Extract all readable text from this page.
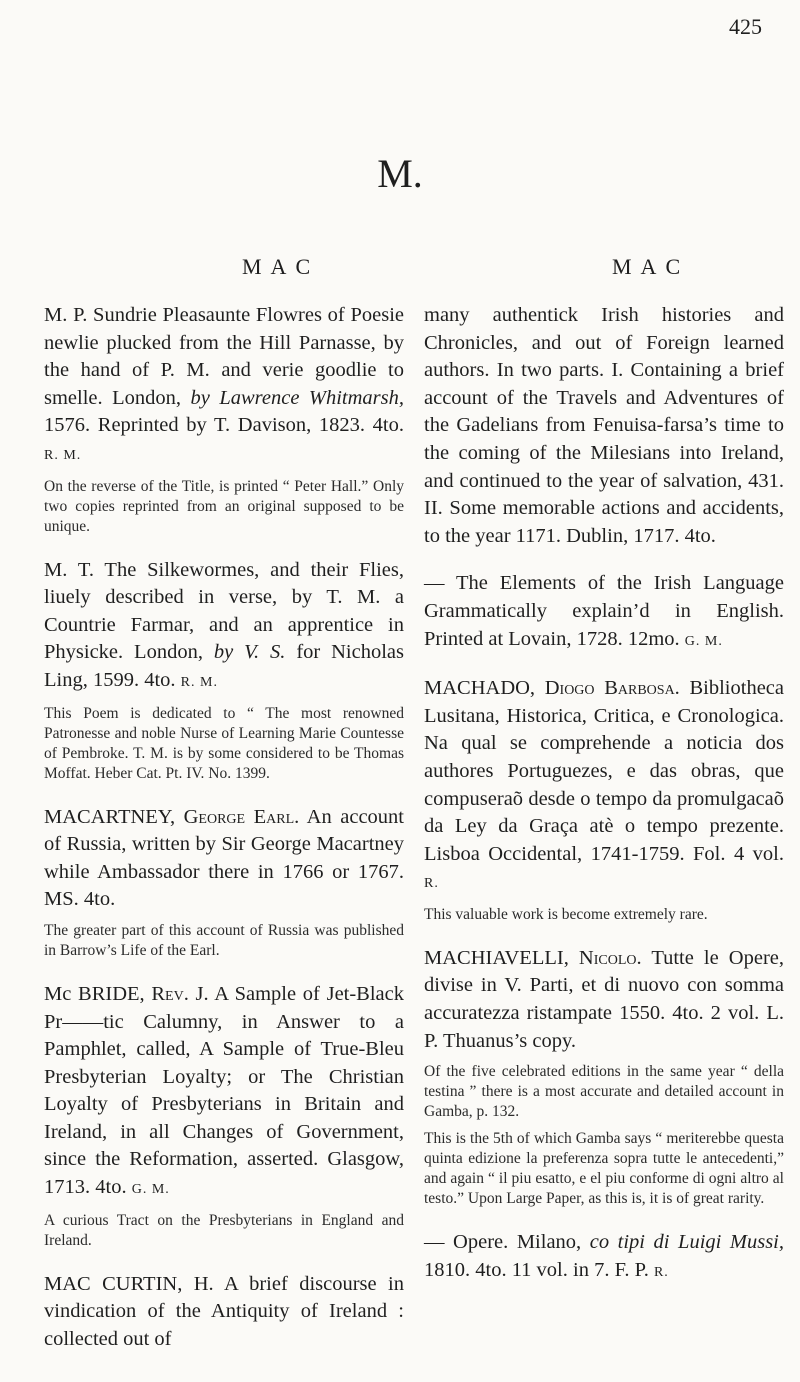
425
M.
MAC	MAC

M. P. Sundrie Pleasaunte Flowres of Poesie newlie plucked from the Hill Parnasse, by the hand of P. M. and verie goodlie to smelle. London, by Lawrence Whitmarsh, 1576. Reprinted by T. Davison, 1823. 4to. R. M.

On the reverse of the Title, is printed “ Peter Hall.” Only two copies reprinted from an original supposed to be unique.

M. T. The Silkewormes, and their Flies, liuely described in verse, by T. M. a Countrie Farmar, and an apprentice in Physicke. London, by V. S. for Nicholas Ling, 1599. 4to. R. M.

This Poem is dedicated to “ The most renowned Patronesse and noble Nurse of Learning Marie Countesse of Pembroke. T. M. is by some considered to be Thomas Moffat. Heber Cat. Pt. IV. No. 1399.

MACARTNEY, George Earl. An account of Russia, written by Sir George Macartney while Ambassador there in 1766 or 1767. MS. 4to.

The greater part of this account of Russia was published in Barrow’s Life of the Earl.

Mc BRIDE, Rev. J. A Sample of Jet-Black Pr——tic Calumny, in Answer to a Pamphlet, called, A Sample of True-Bleu Presbyterian Loyalty; or The Christian Loyalty of Presbyterians in Britain and Ireland, in all Changes of Government, since the Reformation, asserted. Glasgow, 1713. 4to. G. M.

A curious Tract on the Presbyterians in England and Ireland.

MAC CURTIN, H. A brief discourse in vindication of the Antiquity of Ireland : collected out of

many authentick Irish histories and Chronicles, and out of Foreign learned authors. In two parts. I. Containing a brief account of the Travels and Adventures of the Gadelians from Fenuisa-farsa’s time to the coming of the Milesians into Ireland, and continued to the year of salvation, 431. II. Some memorable actions and accidents, to the year 1171. Dublin, 1717. 4to.

— The Elements of the Irish Language Grammatically explain’d in English. Printed at Lovain, 1728. 12mo. G. M.

MACHADO, Diogo Barbosa. Bibliotheca Lusitana, Historica, Critica, e Cronologica. Na qual se comprehende a noticia dos authores Portuguezes, e das obras, que compuseraõ desde o tempo da promulgacaõ da Ley da Graça atè o tempo prezente. Lisboa Occidental, 1741-1759. Fol. 4 vol. R.

This valuable work is become extremely rare.

MACHIAVELLI, Nicolo. Tutte le Opere, divise in V. Parti, et di nuovo con somma accuratezza ristampate 1550. 4to. 2 vol. L. P. Thuanus’s copy.

Of the five celebrated editions in the same year “ della testina ” there is a most accurate and detailed account in Gamba, p. 132.

This is the 5th of which Gamba says “ meriterebbe questa quinta edizione la preferenza sopra tutte le antecedenti,” and again “ il piu esatto, e el piu conforme di ogni altro al testo.” Upon Large Paper, as this is, it is of great rarity.

— Opere. Milano, co tipi di Luigi Mussi, 1810. 4to. 11 vol. in 7. F. P. R.
